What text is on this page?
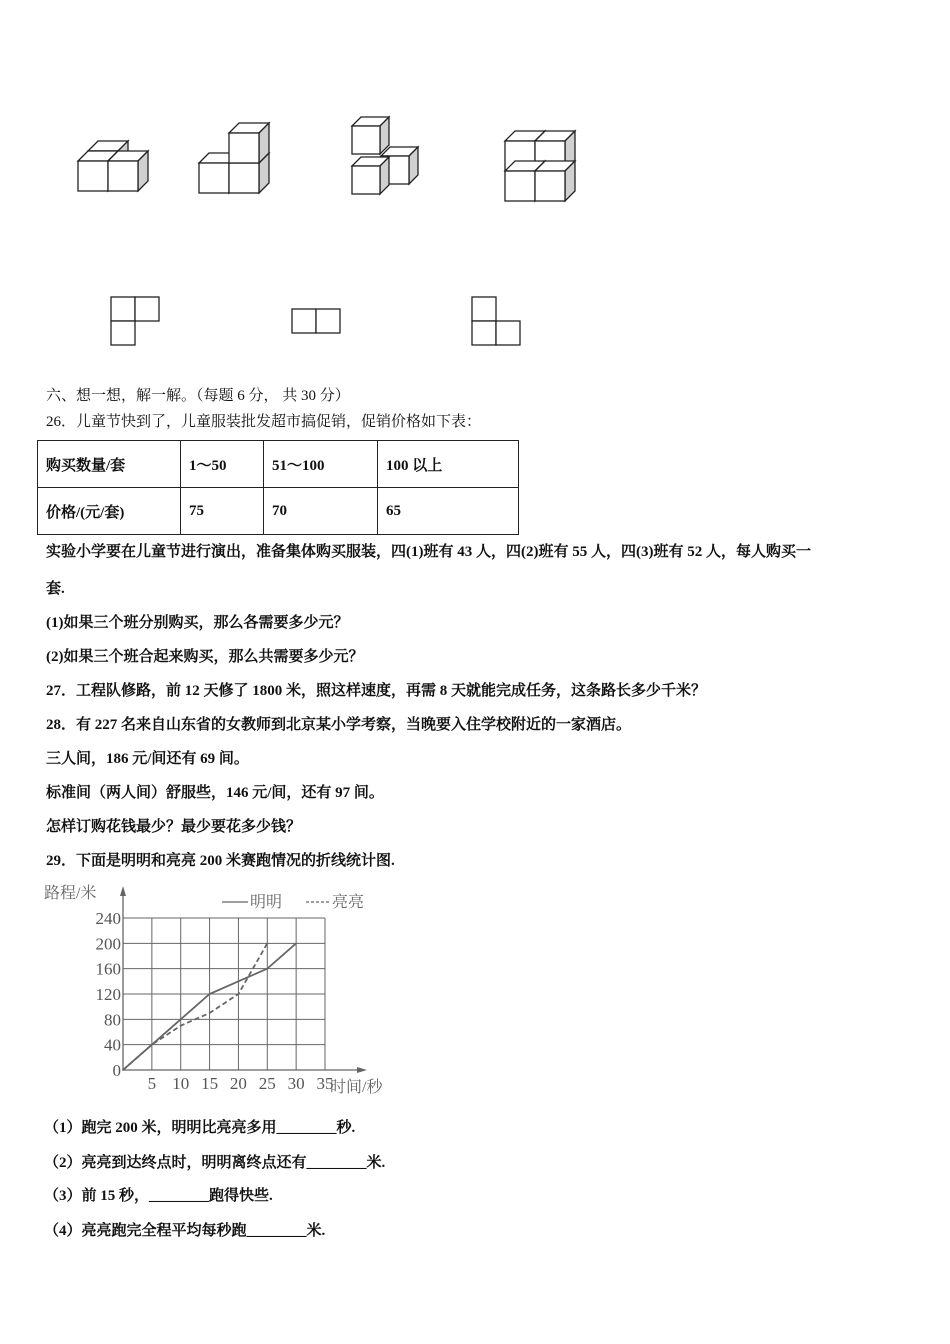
六、想一想，解一解。（每题 6 分， 共 30 分）
26．儿童节快到了，儿童服装批发超市搞促销，促销价格如下表：
购买数量/套	1～50	51～100	100 以上
价格/(元/套)	75	70	65
实验小学要在儿童节进行演出，准备集体购买服装，四(1)班有 43 人，四(2)班有 55 人，四(3)班有 52 人，每人购买一
套.
(1)如果三个班分别购买，那么各需要多少元？
(2)如果三个班合起来购买，那么共需要多少元？
27．工程队修路，前 12 天修了 1800 米，照这样速度，再需 8 天就能完成任务，这条路长多少千米？
28．有 227 名来自山东省的女教师到北京某小学考察，当晚要入住学校附近的一家酒店。
三人间，186 元/间还有 69 间。
标准间（两人间）舒服些，146 元/间，还有 97 间。
怎样订购花钱最少？最少要花多少钱？
29．下面是明明和亮亮 200 米赛跑情况的折线统计图.
0
40
80
120
160
200
240
5 10 15 20 25 30 35
路程/米
时间/秒
明明	亮亮
（1）跑完 200 米，明明比亮亮多用________秒.
（2）亮亮到达终点时，明明离终点还有________米.
（3）前 15 秒，________跑得快些.
（4）亮亮跑完全程平均每秒跑________米.
